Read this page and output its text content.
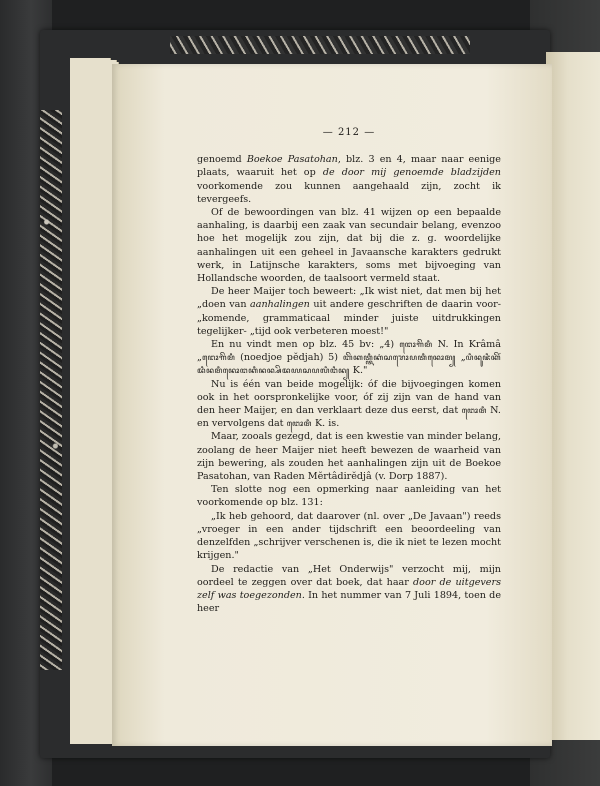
— 212 —

genoemd Boekoe Pasatohan, blz. 3 en 4, maar naar eenige plaats, waaruit het op de door mij genoemde bladzijden voorkomende zou kunnen aangehaald zijn, zocht ik tevergeefs.

Of de bewoordingen van blz. 41 wijzen op een bepaalde aanhaling, is daarbij een zaak van secundair belang, evenzoo hoe het mogelijk zou zijn, dat bij die z. g. woordelijke aanhalingen uit een geheel in Javaansche karakters gedrukt werk, in Latijnsche karakters, soms met bijvoeging van Hollandsche woorden, de taalsoort vermeld staat.

De heer Maijer toch beweert: „Ik wist niet, dat men bij het „doen van aanhalingen uit andere geschriften de daarin voor- „komende, grammaticaal minder juiste uitdrukkingen tegelijker- „tijd ook verbeteren moest!"

En nu vindt men op blz. 45 bv: „4) ꦔꦺꦴꦒꦼꦩꦶ N. In Krâmâ „ꦔꦺꦴꦒꦼꦩꦶ (noedjoe pĕdjah) 5) ꦧꦼꦏꦠ꧀ꦠꦶꦏꦁꦱꦫꦺꦴꦥꦠꦶꦤꦺꦴꦩ꧀ „ꦥꦶꦤꦸꦗꦶꦏꦼꦂꦢꦶꦤꦩꦶꦤꦺꦴꦔꦏꦶꦤꦤ꧀ꦱꦼꦢꦪꦱꦥꦭꦶꦔꦶꦤ꧀ K."

Nu is één van beide mogelijk: óf die bijvoegingen komen ook in het oorspronkelijke voor, óf zij zijn van de hand van den heer Maijer, en dan verklaart deze dus eerst, dat ꦔꦺꦴꦩꦶ N. en vervolgens dat ꦔꦺꦴꦩꦶ K. is.

Maar, zooals gezegd, dat is een kwestie van minder belang, zoolang de heer Maijer niet heeft bewezen de waarheid van zijn bewering, als zouden het aanhalingen zijn uit de Boekoe Pasatohan, van Raden Mĕrtâdirĕdjâ (v. Dorp 1887).

Ten slotte nog een opmerking naar aanleiding van het voorkomende op blz. 131:

„Ik heb gehoord, dat daarover (nl. over „De Javaan") reeds „vroeger in een ander tijdschrift een beoordeeling van denzelfden „schrijver verschenen is, die ik niet te lezen mocht krijgen."

De redactie van „Het Onderwijs" verzocht mij, mijn oordeel te zeggen over dat boek, dat haar door de uitgevers zelf was toegezonden. In het nummer van 7 Juli 1894, toen de heer
